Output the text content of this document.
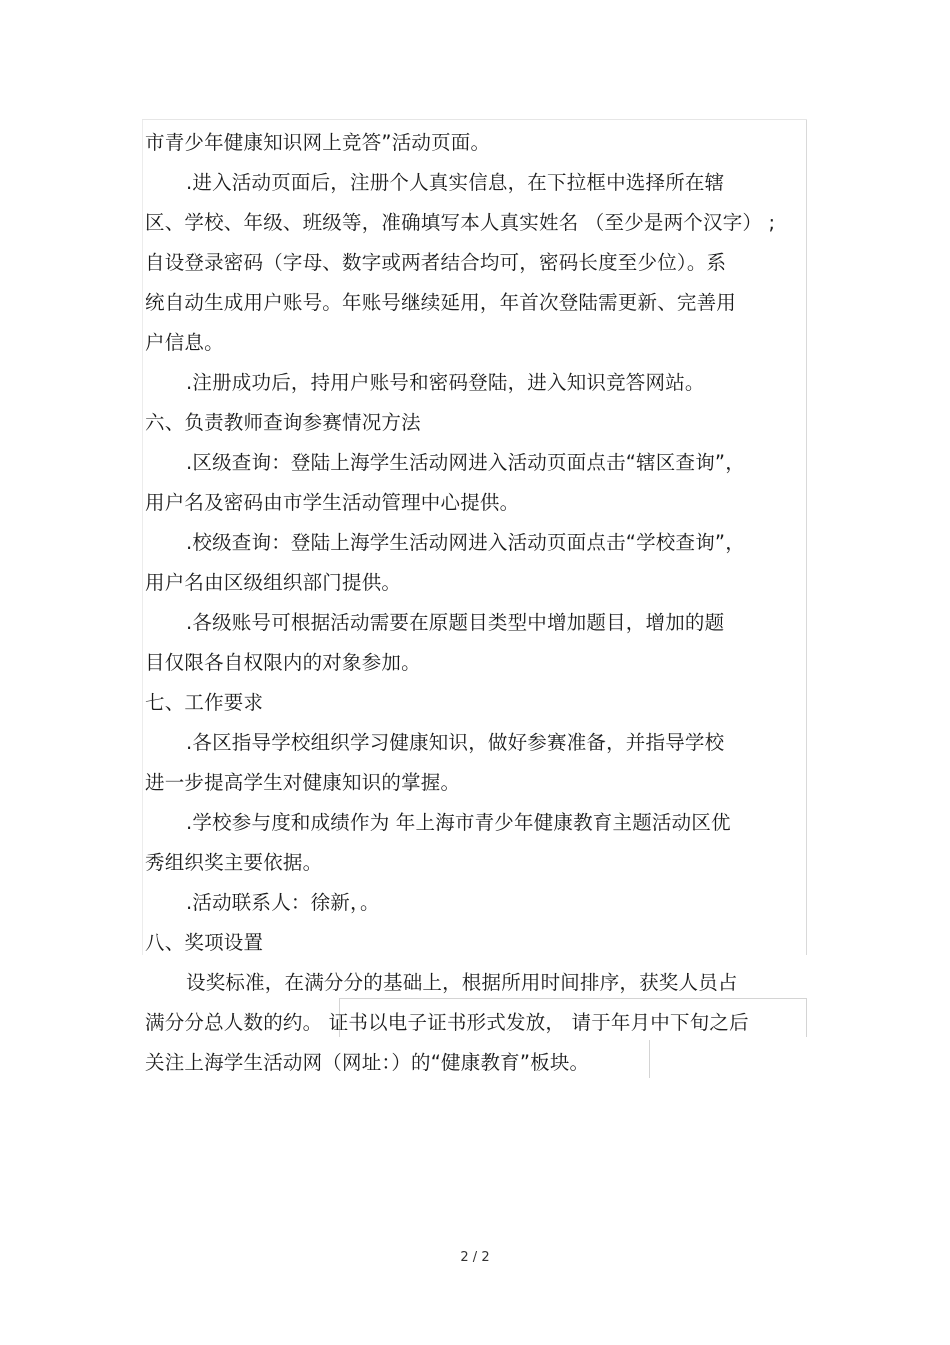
市青少年健康知识网上竞答”活动页面。
.进入活动页面后，注册个人真实信息，在下拉框中选择所在辖
区、学校、年级、班级等，准确填写本人真实姓名 （至少是两个汉字） ;
自设登录密码（字母、数字或两者结合均可，密码长度至少位）。系
统自动生成用户账号。年账号继续延用，年首次登陆需更新、完善用
户信息。
.注册成功后，持用户账号和密码登陆，进入知识竞答网站。
六、负责教师查询参赛情况方法
.区级查询：登陆上海学生活动网进入活动页面点击“辖区查询”，
用户名及密码由市学生活动管理中心提供。
.校级查询：登陆上海学生活动网进入活动页面点击“学校查询”，
用户名由区级组织部门提供。
.各级账号可根据活动需要在原题目类型中增加题目，增加的题
目仅限各自权限内的对象参加。
七、工作要求
.各区指导学校组织学习健康知识，做好参赛准备，并指导学校
进一步提高学生对健康知识的掌握。
.学校参与度和成绩作为 年上海市青少年健康教育主题活动区优
秀组织奖主要依据。
.活动联系人：徐新，。
八、奖项设置
设奖标准，在满分分的基础上，根据所用时间排序，获奖人员占
满分分总人数的约。 证书以电子证书形式发放， 请于年月中下旬之后
关注上海学生活动网（网址：）的“健康教育”板块。
2 / 2
